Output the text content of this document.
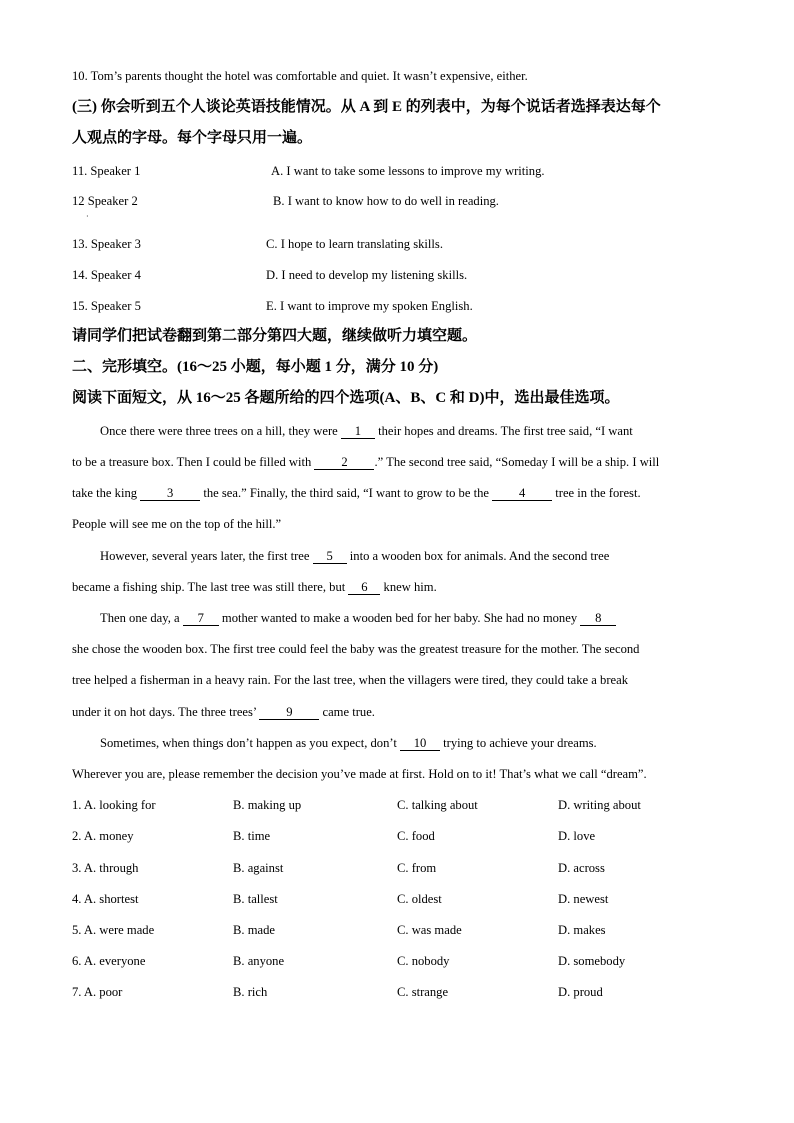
10. Tom’s parents thought the hotel was comfortable and quiet. It wasn’t expensive, either.
(三) 你会听到五个人谈论英语技能情况。从 A 到 E 的列表中，为每个说话者选择表达每个
人观点的字母。每个字母只用一遍。
11. Speaker 1	A. I want to take some lessons to improve my writing.
12 Speaker 2	B. I want to know how to do well in reading.
·
13. Speaker 3	C. I hope to learn translating skills.
14. Speaker 4	D. I need to develop my listening skills.
15. Speaker 5	E. I want to improve my spoken English.
请同学们把试卷翻到第二部分第四大题，继续做听力填空题。
二、完形填空。(16～25 小题，每小题 1 分，满分 10 分)
阅读下面短文，从 16～25 各题所给的四个选项(A、B、C 和 D)中，选出最佳选项。
Once there were three trees on a hill, they were 1 their hopes and dreams. The first tree said, “I want
to be a treasure box. Then I could be filled with 2 .” The second tree said, “Someday I will be a ship. I will
take the king 3 the sea.” Finally, the third said, “I want to grow to be the 4 tree in the forest.
People will see me on the top of the hill.”
However, several years later, the first tree 5 into a wooden box for animals. And the second tree
became a fishing ship. The last tree was still there, but 6 knew him.
Then one day, a 7 mother wanted to make a wooden bed for her baby. She had no money 8
she chose the wooden box. The first tree could feel the baby was the greatest treasure for the mother. The second
tree helped a fisherman in a heavy rain. For the last tree, when the villagers were tired, they could take a break
under it on hot days. The three trees’ 9 came true.
Sometimes, when things don’t happen as you expect, don’t 10 trying to achieve your dreams.
Wherever you are, please remember the decision you’ve made at first. Hold on to it! That’s what we call “dream”.
1. A. looking for	B. making up	C. talking about	D. writing about
2. A. money	B. time	C. food	D. love
3. A. through	B. against	C. from	D. across
4. A. shortest	B. tallest	C. oldest	D. newest
5. A. were made	B. made	C. was made	D. makes
6. A. everyone	B. anyone	C. nobody	D. somebody
7. A. poor	B. rich	C. strange	D. proud
